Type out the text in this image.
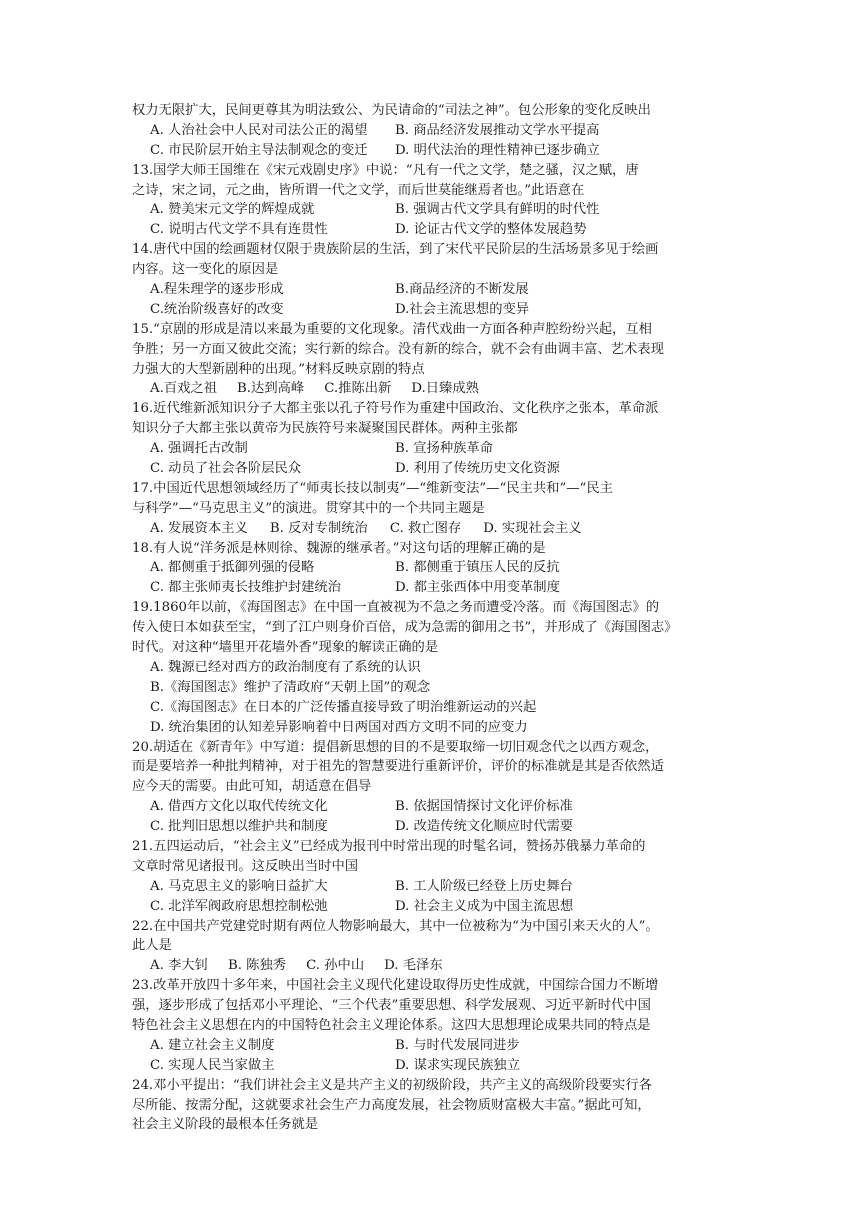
权力无限扩大，民间更尊其为明法致公、为民请命的“司法之神”。包公形象的变化反映出
A. 人治社会中人民对司法公正的渴望	B. 商品经济发展推动文学水平提高
C. 市民阶层开始主导法制观念的变迁	D. 明代法治的理性精神已逐步确立
13.国学大师王国维在《宋元戏剧史序》中说：“凡有一代之文学，楚之骚，汉之赋，唐
之诗，宋之词，元之曲，皆所谓一代之文学，而后世莫能继焉者也。”此语意在
A. 赞美宋元文学的辉煌成就	B. 强调古代文学具有鲜明的时代性
C. 说明古代文学不具有连贯性	D. 论证古代文学的整体发展趋势
14.唐代中国的绘画题材仅限于贵族阶层的生活，到了宋代平民阶层的生活场景多见于绘画
内容。这一变化的原因是
A.程朱理学的逐步形成	B.商品经济的不断发展
C.统治阶级喜好的改变	D.社会主流思想的变异
15.“京剧的形成是清以来最为重要的文化现象。清代戏曲一方面各种声腔纷纷兴起，互相
争胜；另一方面又彼此交流；实行新的综合。没有新的综合，就不会有曲调丰富、艺术表现
力强大的大型新剧种的出现。”材料反映京剧的特点
A.百戏之祖 B.达到高峰 C.推陈出新 D.日臻成熟
16.近代维新派知识分子大都主张以孔子符号作为重建中国政治、文化秩序之张本，革命派
知识分子大都主张以黄帝为民族符号来凝聚国民群体。两种主张都
A. 强调托古改制	B. 宣扬种族革命
C. 动员了社会各阶层民众	D. 利用了传统历史文化资源
17.中国近代思想领域经历了“师夷长技以制夷”—“维新变法”—“民主共和”—“民主
与科学”—“马克思主义”的演进。贯穿其中的一个共同主题是
A. 发展资本主义 B. 反对专制统治 C. 救亡图存 D. 实现社会主义
18.有人说“洋务派是林则徐、魏源的继承者。”对这句话的理解正确的是
A. 都侧重于抵御列强的侵略	B. 都侧重于镇压人民的反抗
C. 都主张师夷长技维护封建统治	D. 都主张西体中用变革制度
19.1860年以前，《海国图志》在中国一直被视为不急之务而遭受冷落。而《海国图志》的
传入使日本如获至宝，“到了江户则身价百倍，成为急需的御用之书”，并形成了《海国图志》
时代。对这种“墙里开花墙外香”现象的解读正确的是
A. 魏源已经对西方的政治制度有了系统的认识
B.《海国图志》维护了清政府“天朝上国”的观念
C.《海国图志》在日本的广泛传播直接导致了明治维新运动的兴起
D. 统治集团的认知差异影响着中日两国对西方文明不同的应变力
20.胡适在《新青年》中写道：提倡新思想的目的不是要取缔一切旧观念代之以西方观念，
而是要培养一种批判精神，对于祖先的智慧要进行重新评价，评价的标准就是其是否依然适
应今天的需要。由此可知，胡适意在倡导
A. 借西方文化以取代传统文化	B. 依据国情探讨文化评价标准
C. 批判旧思想以维护共和制度	D. 改造传统文化顺应时代需要
21.五四运动后，“社会主义”已经成为报刊中时常出现的时髦名词，赞扬苏俄暴力革命的
文章时常见诸报刊。这反映出当时中国
A. 马克思主义的影响日益扩大	B. 工人阶级已经登上历史舞台
C. 北洋军阀政府思想控制松弛	D. 社会主义成为中国主流思想
22.在中国共产党建党时期有两位人物影响最大，其中一位被称为“为中国引来天火的人”。
此人是
A. 李大钊 B. 陈独秀 C. 孙中山 D. 毛泽东
23.改革开放四十多年来，中国社会主义现代化建设取得历史性成就，中国综合国力不断增
强，逐步形成了包括邓小平理论、“三个代表”重要思想、科学发展观、习近平新时代中国
特色社会主义思想在内的中国特色社会主义理论体系。这四大思想理论成果共同的特点是
A. 建立社会主义制度	B. 与时代发展同进步
C. 实现人民当家做主	D. 谋求实现民族独立
24.邓小平提出：“我们讲社会主义是共产主义的初级阶段，共产主义的高级阶段要实行各
尽所能、按需分配，这就要求社会生产力高度发展，社会物质财富极大丰富。”据此可知，
社会主义阶段的最根本任务就是
